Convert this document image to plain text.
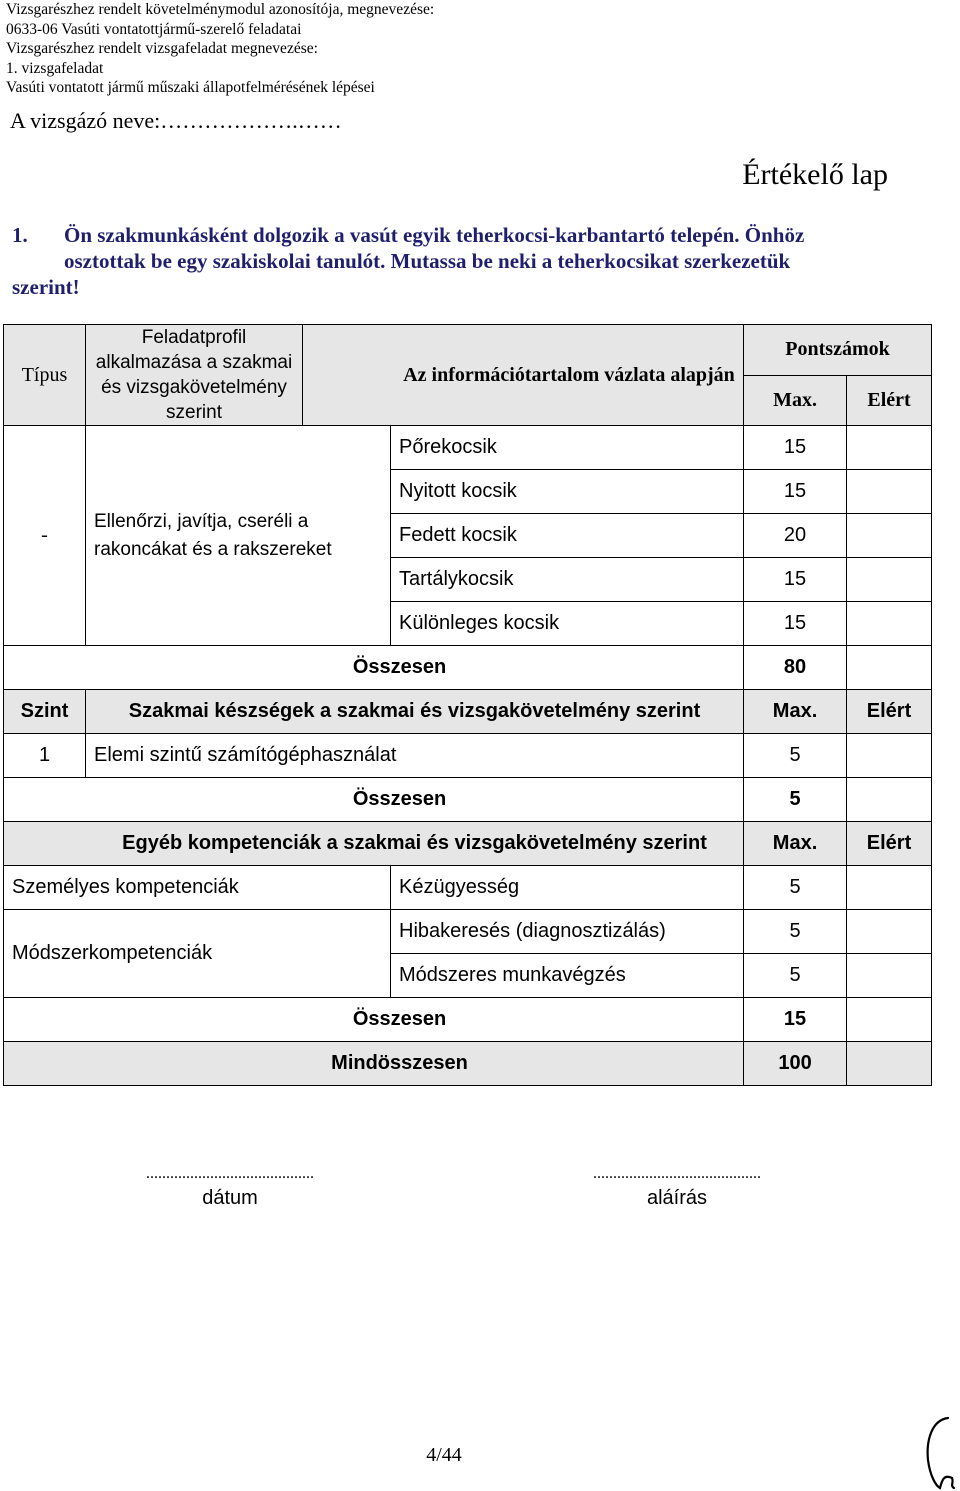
Vizsgarészhez rendelt követelménymodul azonosítója, megnevezése:
0633-06 Vasúti vontatottjármű-szerelő feladatai
Vizsgarészhez rendelt vizsgafeladat megnevezése:
1. vizsgafeladat
Vasúti vontatott jármű műszaki állapotfelmérésének lépései
A vizsgázó neve:……………….……
Értékelő lap
1. Ön szakmunkásként dolgozik a vasút egyik teherkocsi-karbantartó telepén. Önhöz
osztottak be egy szakiskolai tanulót. Mutassa be neki a teherkocsikat szerkezetük
szerint!
Típus	Feladatprofil alkalmazása a szakmai és vizsgakövetelmény szerint	Az információtartalom vázlata alapján		Pontszámok	
				Max.	Elért
-	Ellenőrzi, javítja, cseréli a rakoncákat és a rakszereket		Pőrekocsik	15	
			Nyitott kocsik	15	
			Fedett kocsik	20	
			Tartálykocsik	15	
			Különleges kocsik	15	
Összesen				80	
Szint	Szakmai készségek a szakmai és vizsgakövetelmény szerint			Max.	Elért
1	Elemi szintű számítógéphasználat			5	
Összesen				5	
Egyéb kompetenciák a szakmai és vizsgakövetelmény szerint				Max.	Elért
Személyes kompetenciák			Kézügyesség	5	
Módszerkompetenciák			Hibakeresés (diagnosztizálás)	5	
			Módszeres munkavégzés	5	
Összesen				15	
Mindösszesen				100	
..........................................
dátum
..........................................
aláírás
4/44
